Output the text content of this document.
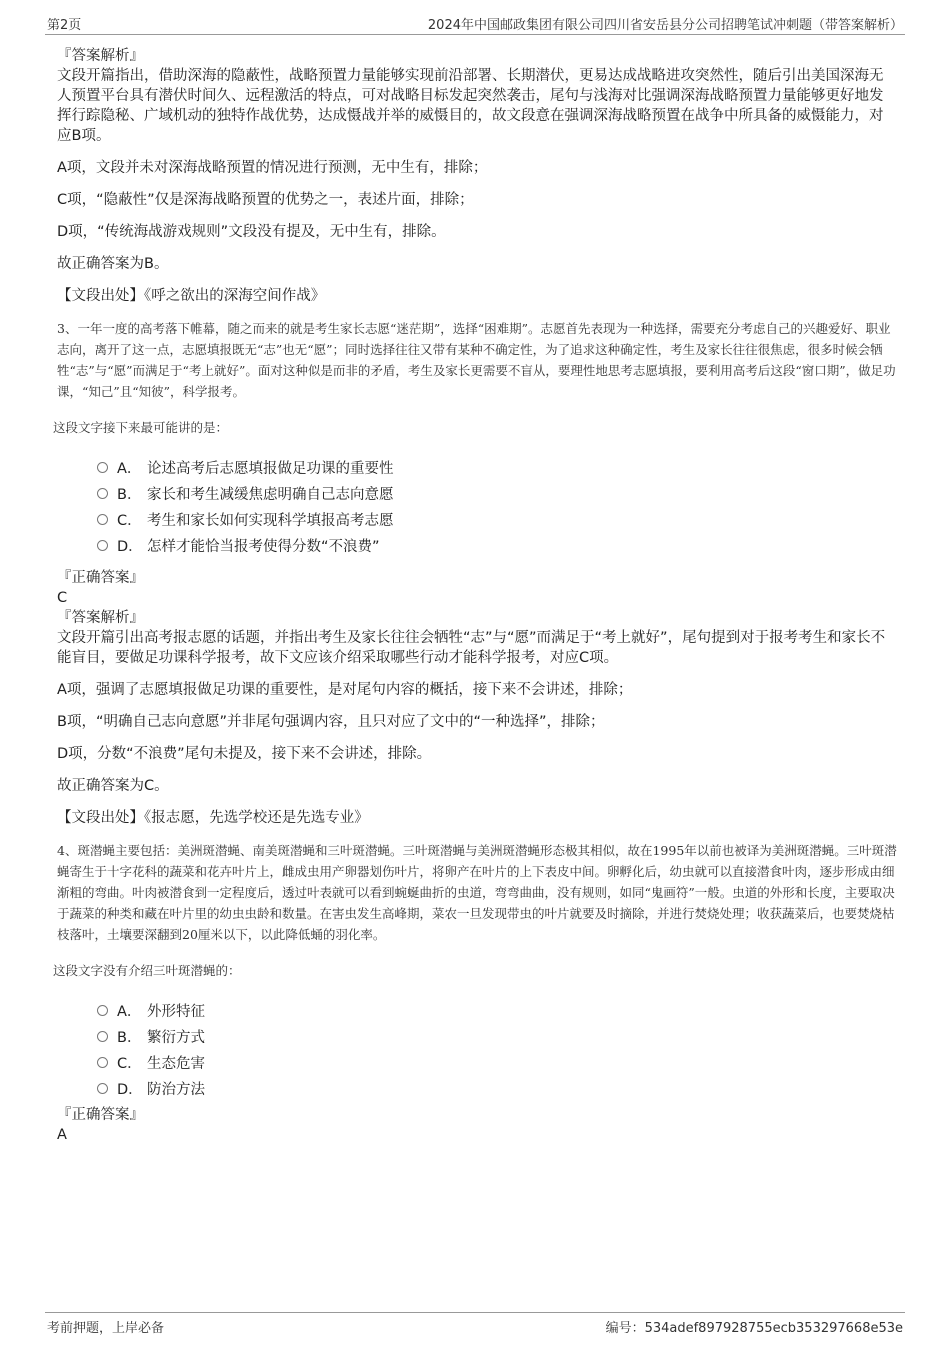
第2页	2024年中国邮政集团有限公司四川省安岳县分公司招聘笔试冲刺题（带答案解析）

『答案解析』

文段开篇指出，借助深海的隐蔽性，战略预置力量能够实现前沿部署、长期潜伏，更易达成战略进攻突然性，随后引出美国深海无人预置平台具有潜伏时间久、远程激活的特点，可对战略目标发起突然袭击，尾句与浅海对比强调深海战略预置力量能够更好地发挥行踪隐秘、广域机动的独特作战优势，达成慑战并举的威慑目的，故文段意在强调深海战略预置在战争中所具备的威慑能力，对应B项。

A项，文段并未对深海战略预置的情况进行预测，无中生有，排除；

C项，“隐蔽性”仅是深海战略预置的优势之一，表述片面，排除；

D项，“传统海战游戏规则”文段没有提及，无中生有，排除。

故正确答案为B。

【文段出处】《呼之欲出的深海空间作战》

3、一年一度的高考落下帷幕，随之而来的就是考生家长志愿“迷茫期”，选择“困难期”。志愿首先表现为一种选择，需要充分考虑自己的兴趣爱好、职业志向，离开了这一点，志愿填报既无“志”也无“愿”；同时选择往往又带有某种不确定性，为了追求这种确定性，考生及家长往往很焦虑，很多时候会牺牲“志”与“愿”而满足于“考上就好”。面对这种似是而非的矛盾，考生及家长更需要不盲从，要理性地思考志愿填报，要利用高考后这段“窗口期”，做足功课，“知己”且“知彼”，科学报考。

这段文字接下来最可能讲的是：

A． 论述高考后志愿填报做足功课的重要性
B． 家长和考生减缓焦虑明确自己志向意愿
C． 考生和家长如何实现科学填报高考志愿
D． 怎样才能恰当报考使得分数“不浪费”

『正确答案』

C

『答案解析』

文段开篇引出高考报志愿的话题，并指出考生及家长往往会牺牲“志”与“愿”而满足于“考上就好”，尾句提到对于报考考生和家长不能盲目，要做足功课科学报考，故下文应该介绍采取哪些行动才能科学报考，对应C项。

A项，强调了志愿填报做足功课的重要性，是对尾句内容的概括，接下来不会讲述，排除；

B项，“明确自己志向意愿”并非尾句强调内容，且只对应了文中的“一种选择”，排除；

D项，分数“不浪费”尾句未提及，接下来不会讲述，排除。

故正确答案为C。

【文段出处】《报志愿，先选学校还是先选专业》

4、斑潜蝇主要包括：美洲斑潜蝇、南美斑潜蝇和三叶斑潜蝇。三叶斑潜蝇与美洲斑潜蝇形态极其相似，故在1995年以前也被译为美洲斑潜蝇。三叶斑潜蝇寄生于十字花科的蔬菜和花卉叶片上，雌成虫用产卵器划伤叶片，将卵产在叶片的上下表皮中间。卵孵化后，幼虫就可以直接潜食叶肉，逐步形成由细渐粗的弯曲。叶肉被潜食到一定程度后，透过叶表就可以看到蜿蜒曲折的虫道，弯弯曲曲，没有规则，如同“鬼画符”一般。虫道的外形和长度，主要取决于蔬菜的种类和藏在叶片里的幼虫虫龄和数量。在害虫发生高峰期，菜农一旦发现带虫的叶片就要及时摘除，并进行焚烧处理；收获蔬菜后，也要焚烧枯枝落叶，土壤要深翻到20厘米以下，以此降低蛹的羽化率。

这段文字没有介绍三叶斑潜蝇的：

A． 外形特征
B． 繁衍方式
C． 生态危害
D． 防治方法

『正确答案』

A

考前押题，上岸必备	编号：534adef897928755ecb353297668e53e
